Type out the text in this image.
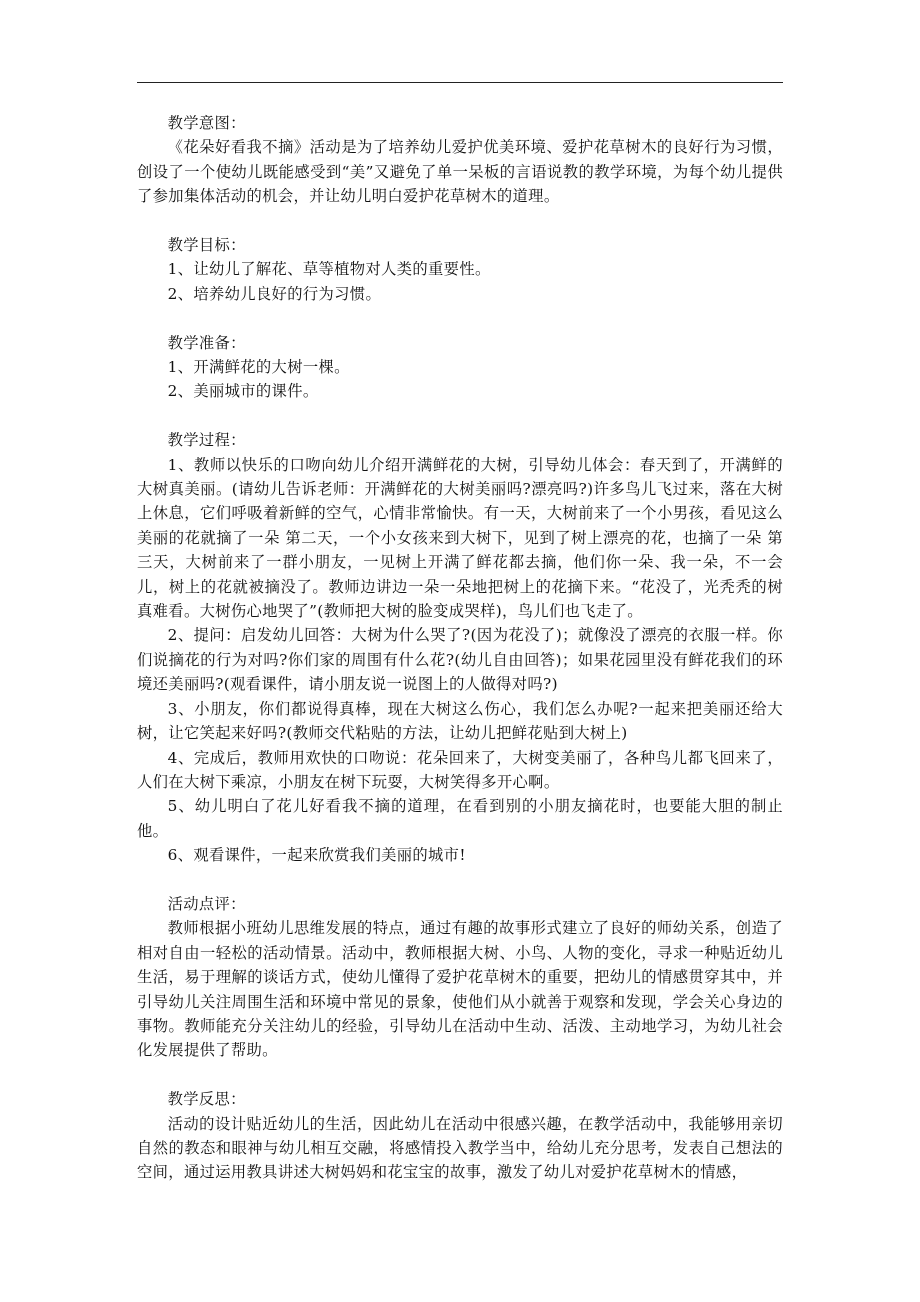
教学意图：

《花朵好看我不摘》活动是为了培养幼儿爱护优美环境、爱护花草树木的良好行为习惯，创设了一个使幼儿既能感受到“美”又避免了单一呆板的言语说教的教学环境，为每个幼儿提供了参加集体活动的机会，并让幼儿明白爱护花草树木的道理。

教学目标：

1、让幼儿了解花、草等植物对人类的重要性。

2、培养幼儿良好的行为习惯。

教学准备：

1、开满鲜花的大树一棵。

2、美丽城市的课件。

教学过程：

1、教师以快乐的口吻向幼儿介绍开满鲜花的大树，引导幼儿体会：春天到了，开满鲜的大树真美丽。(请幼儿告诉老师：开满鲜花的大树美丽吗?漂亮吗?)许多鸟儿飞过来，落在大树上休息，它们呼吸着新鲜的空气，心情非常愉快。有一天，大树前来了一个小男孩，看见这么美丽的花就摘了一朵 第二天，一个小女孩来到大树下，见到了树上漂亮的花，也摘了一朵 第三天，大树前来了一群小朋友，一见树上开满了鲜花都去摘，他们你一朵、我一朵，不一会儿，树上的花就被摘没了。教师边讲边一朵一朵地把树上的花摘下来。“花没了，光秃秃的树真难看。大树伤心地哭了”(教师把大树的脸变成哭样)，鸟儿们也飞走了。

2、提问：启发幼儿回答：大树为什么哭了?(因为花没了)；就像没了漂亮的衣服一样。你们说摘花的行为对吗?你们家的周围有什么花?(幼儿自由回答)；如果花园里没有鲜花我们的环境还美丽吗?(观看课件，请小朋友说一说图上的人做得对吗?)

3、小朋友，你们都说得真棒，现在大树这么伤心，我们怎么办呢?一起来把美丽还给大树，让它笑起来好吗?(教师交代粘贴的方法，让幼儿把鲜花贴到大树上)

4、完成后，教师用欢快的口吻说：花朵回来了，大树变美丽了，各种鸟儿都飞回来了，人们在大树下乘凉，小朋友在树下玩耍，大树笑得多开心啊。

5、幼儿明白了花儿好看我不摘的道理，在看到别的小朋友摘花时，也要能大胆的制止他。

6、观看课件，一起来欣赏我们美丽的城市!

活动点评：

教师根据小班幼儿思维发展的特点，通过有趣的故事形式建立了良好的师幼关系，创造了相对自由一轻松的活动情景。活动中，教师根据大树、小鸟、人物的变化，寻求一种贴近幼儿生活，易于理解的谈话方式，使幼儿懂得了爱护花草树木的重要，把幼儿的情感贯穿其中，并引导幼儿关注周围生活和环境中常见的景象，使他们从小就善于观察和发现，学会关心身边的事物。教师能充分关注幼儿的经验，引导幼儿在活动中生动、活泼、主动地学习，为幼儿社会化发展提供了帮助。

教学反思：

活动的设计贴近幼儿的生活，因此幼儿在活动中很感兴趣，在教学活动中，我能够用亲切自然的教态和眼神与幼儿相互交融，将感情投入教学当中，给幼儿充分思考，发表自己想法的空间，通过运用教具讲述大树妈妈和花宝宝的故事，激发了幼儿对爱护花草树木的情感，
